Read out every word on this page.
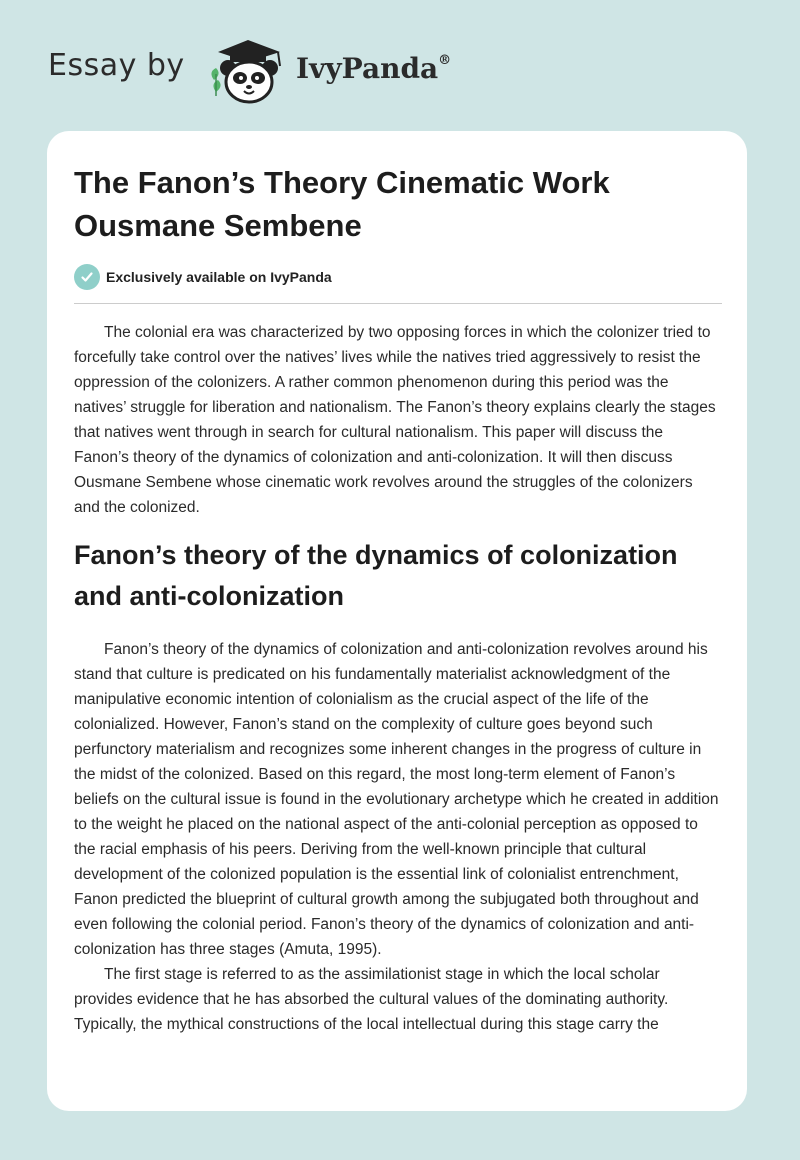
Essay by	IvyPanda®
The Fanon’s Theory Cinematic Work Ousmane Sembene
Exclusively available on IvyPanda

The colonial era was characterized by two opposing forces in which the colonizer tried to forcefully take control over the natives’ lives while the natives tried aggressively to resist the oppression of the colonizers. A rather common phenomenon during this period was the natives’ struggle for liberation and nationalism. The Fanon’s theory explains clearly the stages that natives went through in search for cultural nationalism. This paper will discuss the Fanon’s theory of the dynamics of colonization and anti-colonization. It will then discuss Ousmane Sembene whose cinematic work revolves around the struggles of the colonizers and the colonized.

Fanon’s theory of the dynamics of colonization and anti-colonization

Fanon’s theory of the dynamics of colonization and anti-colonization revolves around his stand that culture is predicated on his fundamentally materialist acknowledgment of the manipulative economic intention of colonialism as the crucial aspect of the life of the colonialized. However, Fanon’s stand on the complexity of culture goes beyond such perfunctory materialism and recognizes some inherent changes in the progress of culture in the midst of the colonized. Based on this regard, the most long-term element of Fanon’s beliefs on the cultural issue is found in the evolutionary archetype which he created in addition to the weight he placed on the national aspect of the anti-colonial perception as opposed to the racial emphasis of his peers. Deriving from the well-known principle that cultural development of the colonized population is the essential link of colonialist entrenchment, Fanon predicted the blueprint of cultural growth among the subjugated both throughout and even following the colonial period. Fanon’s theory of the dynamics of colonization and anti-colonization has three stages (Amuta, 1995).

The first stage is referred to as the assimilationist stage in which the local scholar provides evidence that he has absorbed the cultural values of the dominating authority. Typically, the mythical constructions of the local intellectual during this stage carry the
